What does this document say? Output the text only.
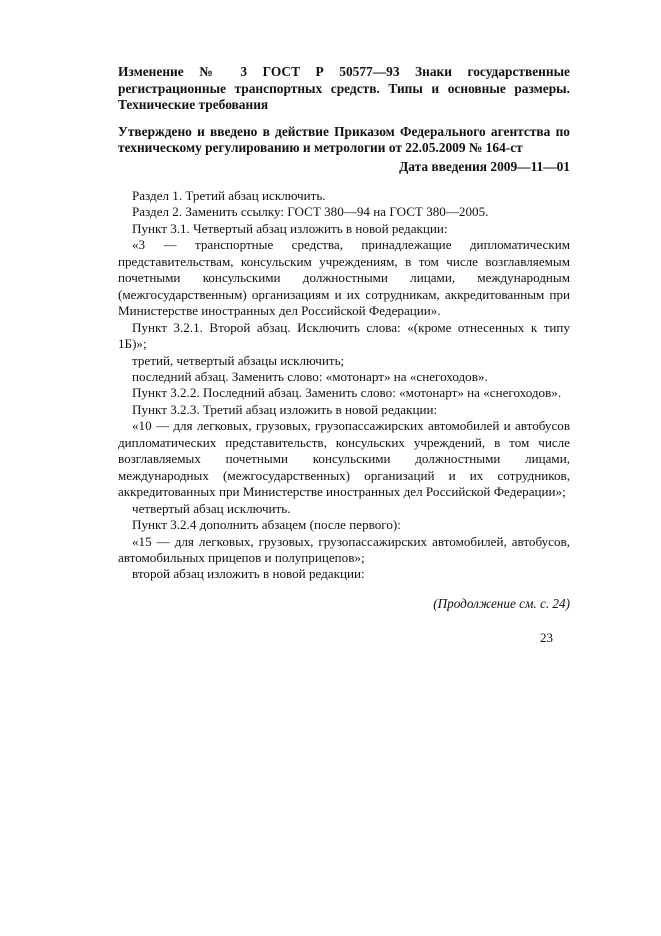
Изменение № 3 ГОСТ Р 50577—93 Знаки государственные регистрационные транспортных средств. Типы и основные размеры. Технические требования

Утверждено и введено в действие Приказом Федерального агентства по техническому регулированию и метрологии от 22.05.2009 № 164-ст

Дата введения 2009—11—01

Раздел 1. Третий абзац исключить.

Раздел 2. Заменить ссылку: ГОСТ 380—94 на ГОСТ 380—2005.

Пункт 3.1. Четвертый абзац изложить в новой редакции:

«3 — транспортные средства, принадлежащие дипломатическим представительствам, консульским учреждениям, в том числе возглавляемым почетными консульскими должностными лицами, международным (межгосударственным) организациям и их сотрудникам, аккредитованным при Министерстве иностранных дел Российской Федерации».

Пункт 3.2.1. Второй абзац. Исключить слова: «(кроме отнесенных к типу 1Б)»;

третий, четвертый абзацы исключить;

последний абзац. Заменить слово: «мотонарт» на «снегоходов».

Пункт 3.2.2. Последний абзац. Заменить слово: «мотонарт» на «снегоходов».

Пункт 3.2.3. Третий абзац изложить в новой редакции:

«10 — для легковых, грузовых, грузопассажирских автомобилей и автобусов дипломатических представительств, консульских учреждений, в том числе возглавляемых почетными консульскими должностными лицами, международных (межгосударственных) организаций и их сотрудников, аккредитованных при Министерстве иностранных дел Российской Федерации»;

четвертый абзац исключить.

Пункт 3.2.4 дополнить абзацем (после первого):

«15 — для легковых, грузовых, грузопассажирских автомобилей, автобусов, автомобильных прицепов и полуприцепов»;

второй абзац изложить в новой редакции:

(Продолжение см. с. 24)
23
